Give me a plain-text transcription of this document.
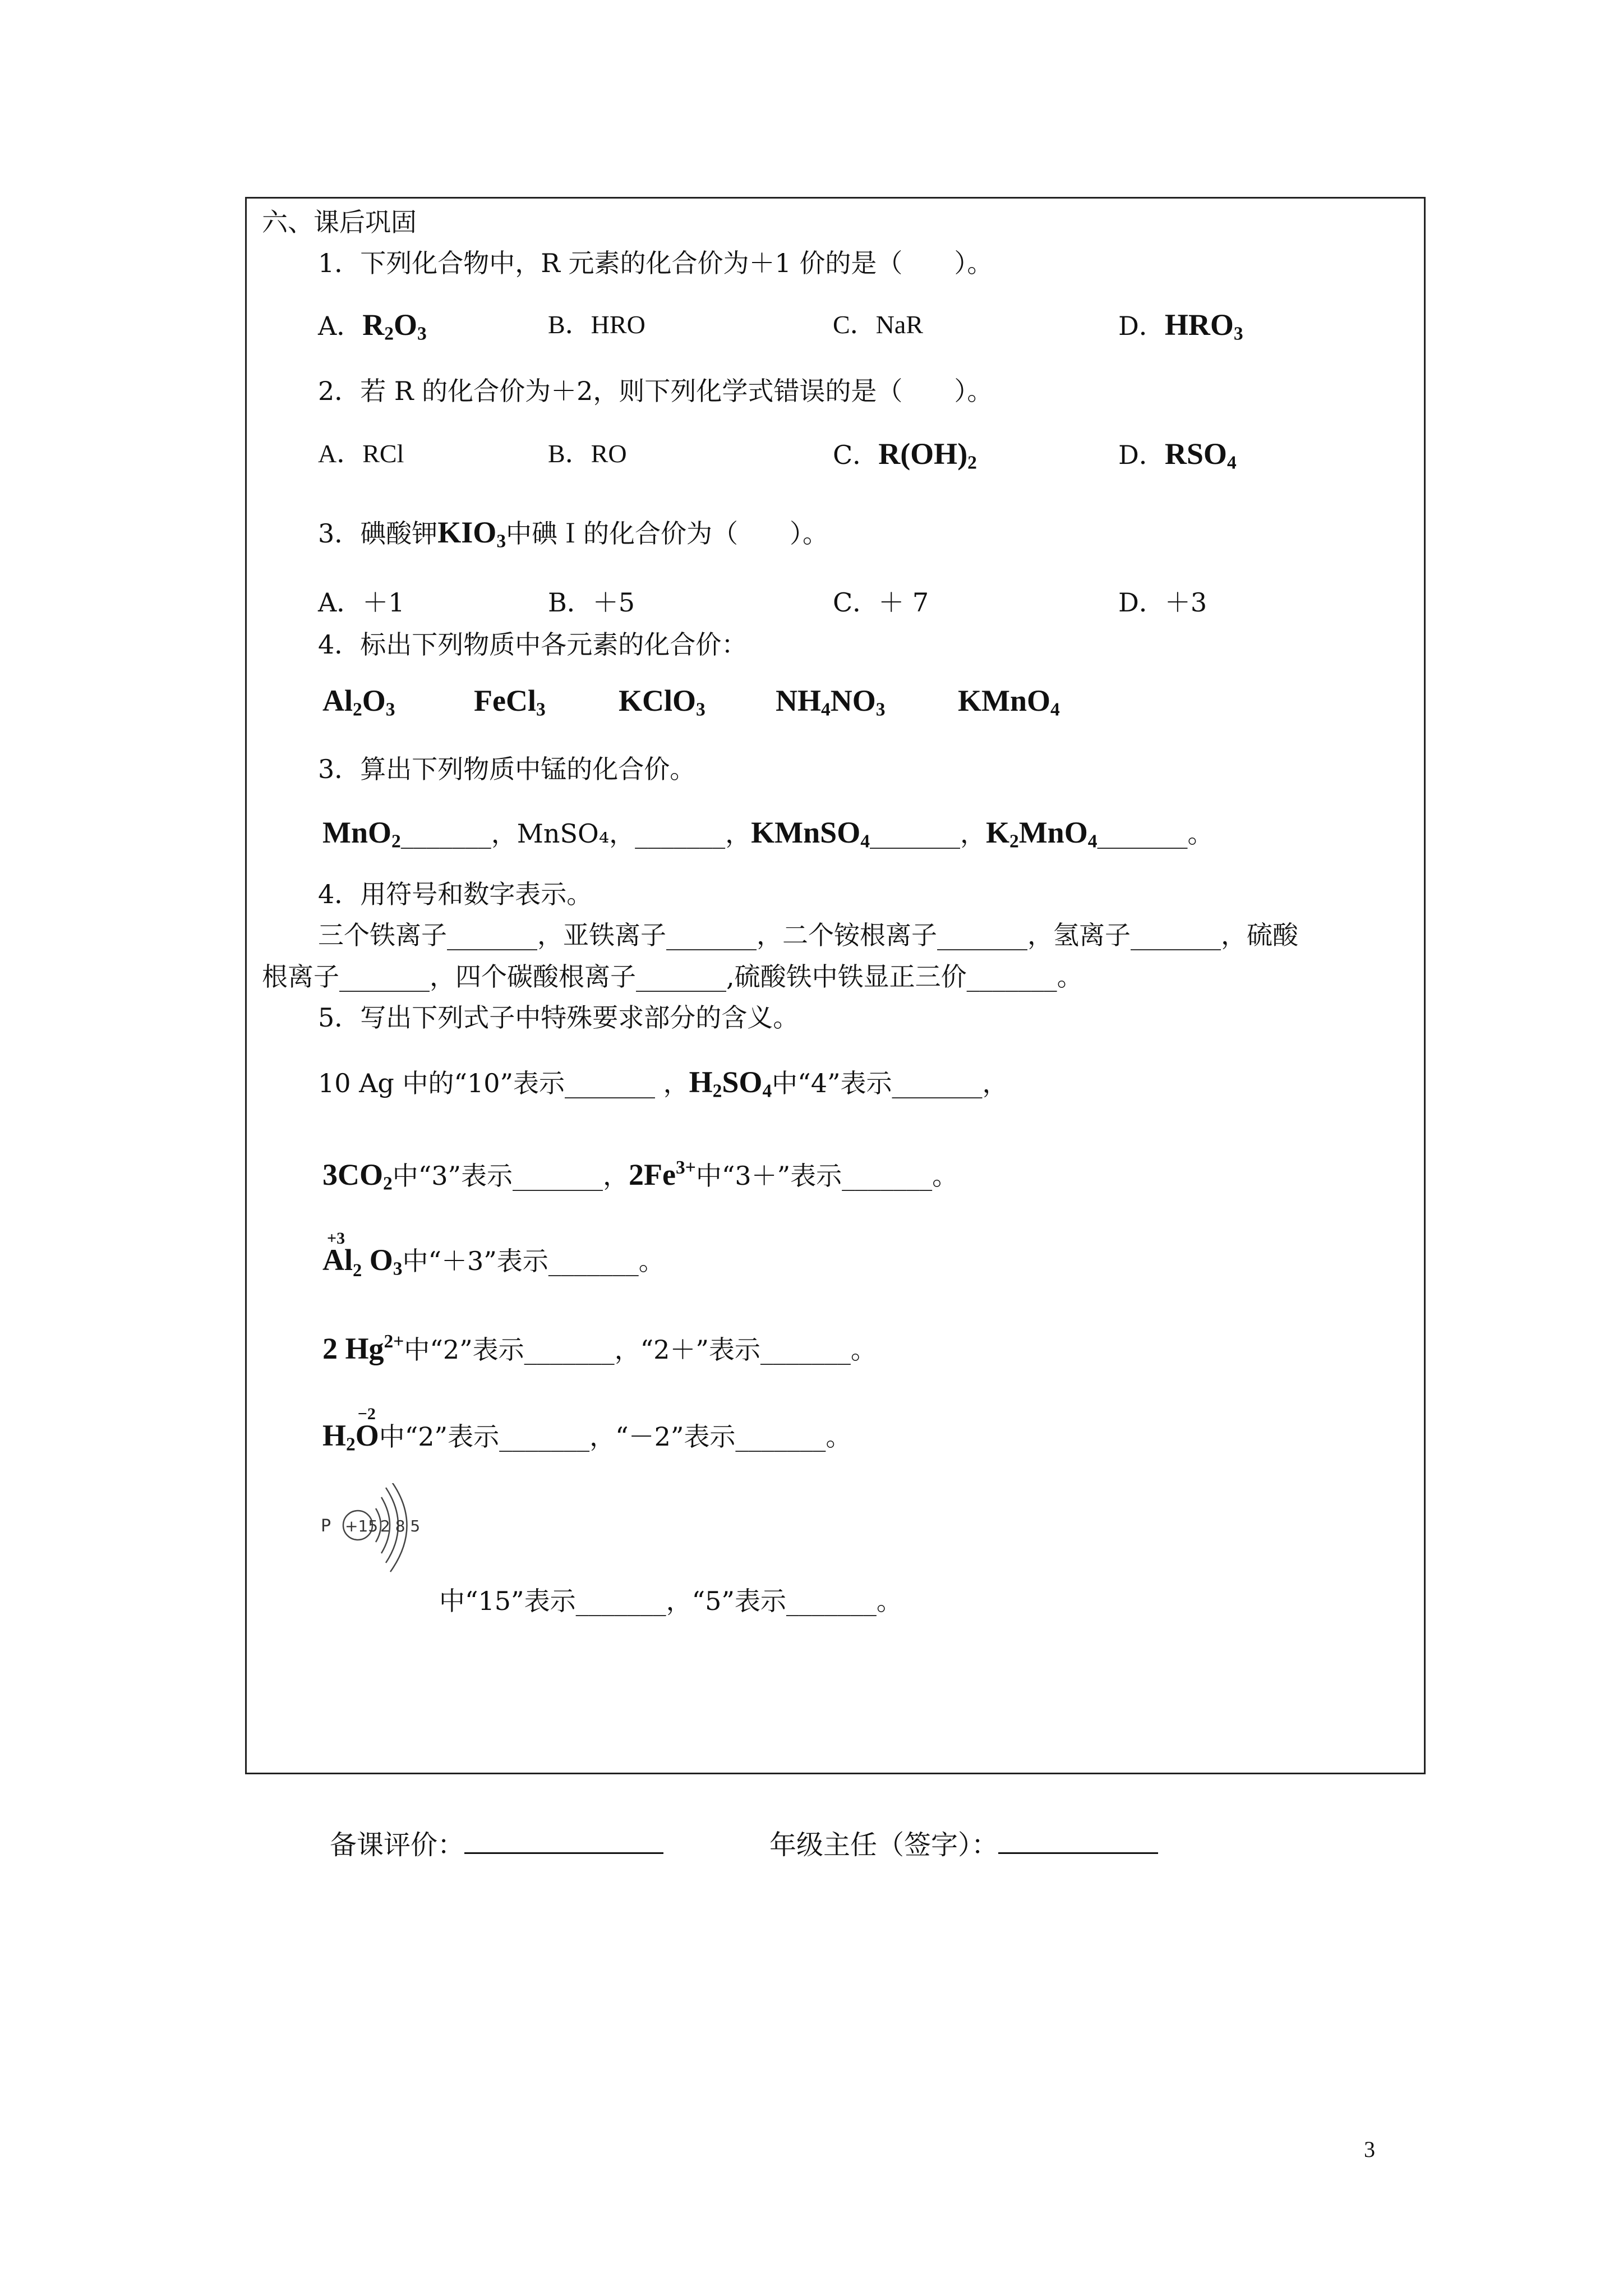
六、课后巩固
1．下列化合物中，R 元素的化合价为＋1 价的是（　　）。
A．$R_2O_3$	B．HRO	C．NaR	D．$HRO_3$
2．若 R 的化合价为＋2，则下列化学式错误的是（　　）。
A．RCl	B．RO	C．$R(OH)_2$	D．$RSO_4$
3．碘酸钾$KIO_3$中碘Ｉ的化合价为（　　）。
A．＋1	B．＋5	C．＋ 7	D．＋3
4．标出下列物质中各元素的化合价：
$Al_2O_3$	FeCl$_3$ KClO$_3$ $NH_4NO_3$ KMnO$_4$
3．算出下列物质中锰的化合价。
MnO$_2$_______，MnSO₄，_______，KMnSO$_4$_______，$K_2MnO_4\_\_\_\_\_\_\_$。
4．用符号和数字表示。
三个铁离子_______，亚铁离子_______，二个铵根离子_______，氢离子_______，硫酸
根离子_______，四个碳酸根离子_______,硫酸铁中铁显正三价_______。
5．写出下列式子中特殊要求部分的含义。
10 Ag 中的“10”表示_______ ，$H_2SO_4$中“4”表示_______，
$3CO_2$中“3”表示_______，$2Fe^{3+}$中“3＋”表示_______。
+3
Al₂ $O_3$中“＋3”表示_______。
2 $Hg^{2+}$中“2”表示_______，“2＋”表示_______。
$H_2$
−2
O中“2”表示_______，“－2”表示_______。
P +15 2 8 5
中“15”表示_______，“5”表示_______。
备课评价：	年级主任（签字）：
3
